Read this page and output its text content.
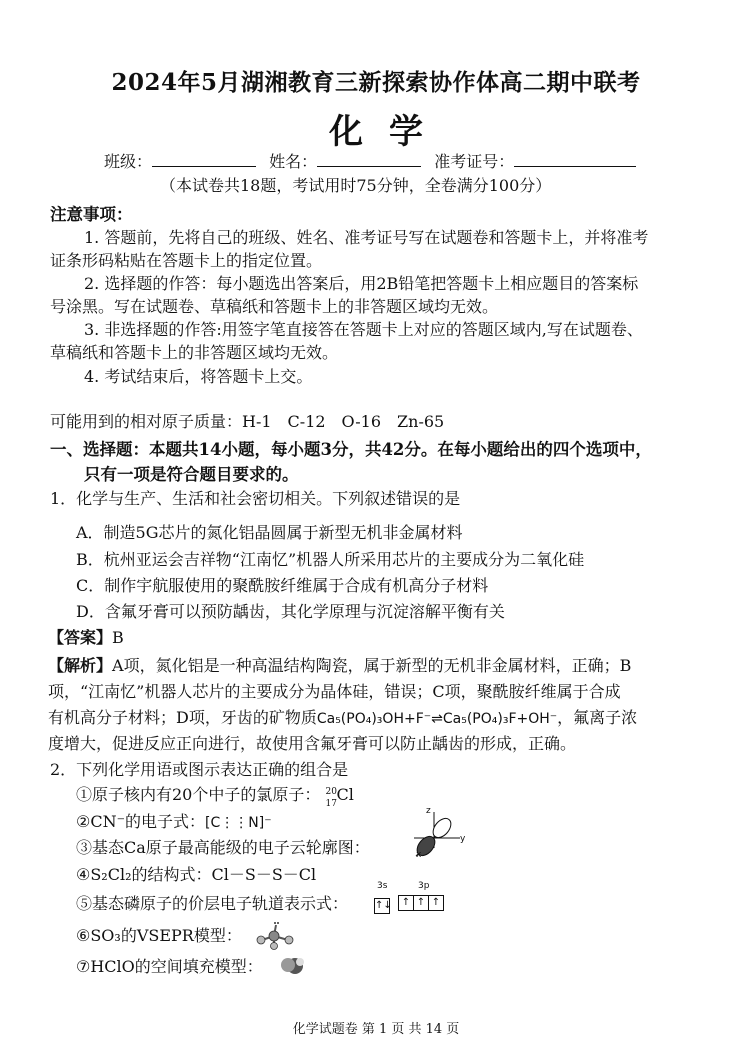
2024年5月湖湘教育三新探索协作体高二期中联考
化学
班级：	姓名：	准考证号：
（本试卷共18题，考试用时75分钟，全卷满分100分）
注意事项：
1. 答题前，先将自己的班级、姓名、准考证号写在试题卷和答题卡上，并将准考
证条形码粘贴在答题卡上的指定位置。
2. 选择题的作答：每小题选出答案后，用2B铅笔把答题卡上相应题目的答案标
号涂黑。写在试题卷、草稿纸和答题卡上的非答题区域均无效。
3. 非选择题的作答:用签字笔直接答在答题卡上对应的答题区域内,写在试题卷、
草稿纸和答题卡上的非答题区域均无效。
4. 考试结束后，将答题卡上交。
可能用到的相对原子质量：H-1　C-12　O-16　Zn-65
一、选择题：本题共14小题，每小题3分，共42分。在每小题给出的四个选项中，
只有一项是符合题目要求的。
1．化学与生产、生活和社会密切相关。下列叙述错误的是
A．制造5G芯片的氮化铝晶圆属于新型无机非金属材料
B．杭州亚运会吉祥物“江南忆”机器人所采用芯片的主要成分为二氧化硅
C．制作宇航服使用的聚酰胺纤维属于合成有机高分子材料
D．含氟牙膏可以预防龋齿，其化学原理与沉淀溶解平衡有关
【答案】B
【解析】A项，氮化铝是一种高温结构陶瓷，属于新型的无机非金属材料，正确；B
项，“江南忆”机器人芯片的主要成分为晶体硅，错误；C项，聚酰胺纤维属于合成
有机高分子材料；D项，牙齿的矿物质Ca₅(PO₄)₃OH+F⁻⇌Ca₅(PO₄)₃F+OH⁻，氟离子浓
度增大，促进反应正向进行，故使用含氟牙膏可以防止龋齿的形成，正确。
2．下列化学用语或图示表达正确的组合是
①原子核内有20个中子的氯原子： 20
17 Cl
②CN⁻的电子式：[C⋮⋮N]⁻
③基态Ca原子最高能级的电子云轮廓图：
z
x
y
④S₂Cl₂的结构式：Cl－S－S－Cl
⑤基态磷原子的价层电子轨道表示式：
3s	3p
↑↓	↑ ↑ ↑
⑥SO₃的VSEPR模型：
⑦HClO的空间填充模型：
化学试题卷 第 1 页 共 14 页
